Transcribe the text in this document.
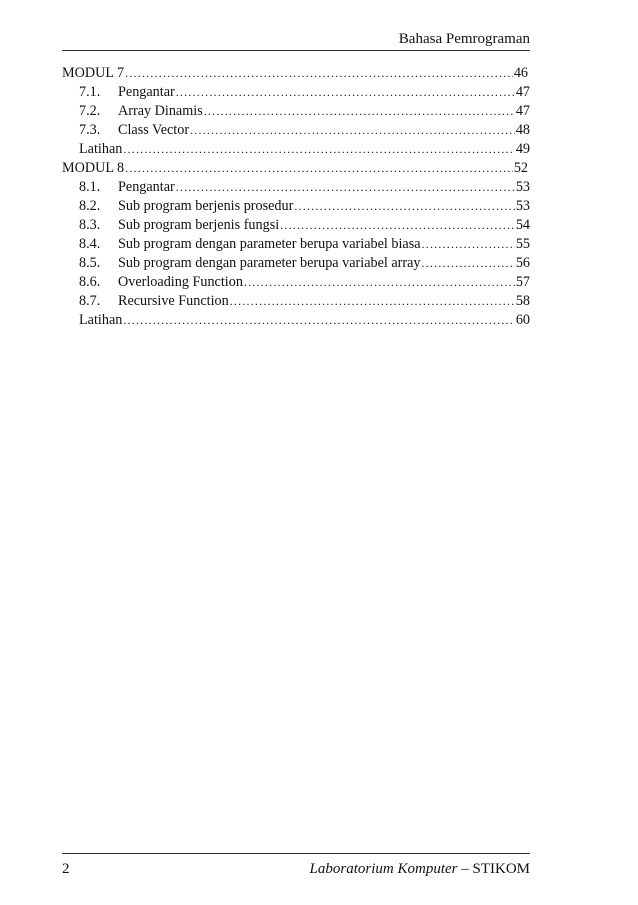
Bahasa Pemrograman
MODUL 7 .....	46
7.1.	Pengantar .....	47
7.2.	Array Dinamis .....	47
7.3.	Class Vector .....	48
Latihan .....	49
MODUL 8 .....	52
8.1.	Pengantar .....	53
8.2.	Sub program berjenis prosedur .....	53
8.3.	Sub program berjenis fungsi .....	54
8.4.	Sub program dengan parameter berupa variabel biasa .....	55
8.5.	Sub program dengan parameter berupa variabel array .....	56
8.6.	Overloading Function .....	57
8.7.	Recursive Function .....	58
Latihan .....	60
2	Laboratorium Komputer – STIKOM
